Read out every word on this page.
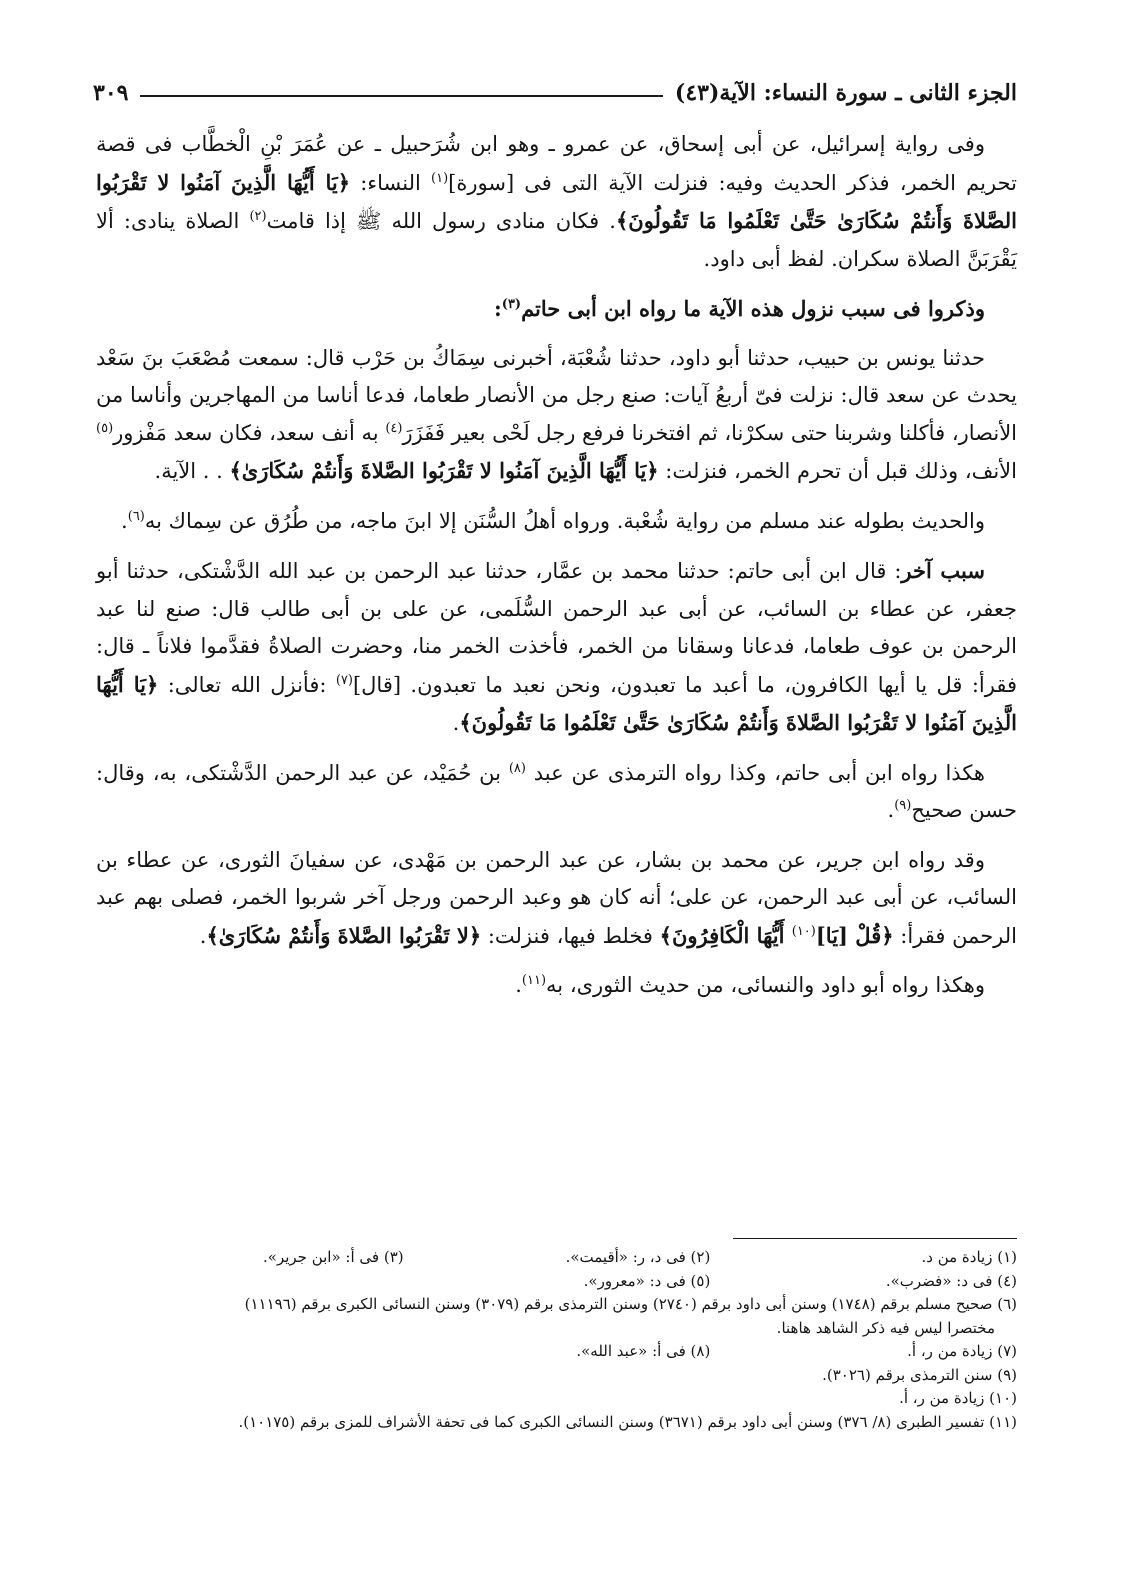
الجزء الثانى ـ سورة النساء: الآية(٤٣)
٣٠٩

وفى رواية إسرائيل، عن أبى إسحاق، عن عمرو ـ وهو ابن شُرَحبيل ـ عن عُمَرَ بْنِ الْخطَّاب فى قصة تحريم الخمر، فذكر الحديث وفيه: فنزلت الآية التى فى [سورة]$^{(١)}$ النساء: ﴿يَا أَيُّهَا الَّذِينَ آمَنُوا لا تَقْرَبُوا الصَّلاةَ وَأَنتُمْ سُكَارَىٰ حَتَّىٰ تَعْلَمُوا مَا تَقُولُونَ﴾. فكان منادى رسول الله ﷺ إذا قامت$^{(٢)}$ الصلاة ينادى: ألا يَقْرَبَنَّ الصلاة سكران. لفظ أبى داود.

وذكروا فى سبب نزول هذه الآية ما رواه ابن أبى حاتم$^{(٣)}$:

حدثنا يونس بن حبيب، حدثنا أبو داود، حدثنا شُعْبَة، أخبرنى سِمَاكُ بن حَرْب قال: سمعت مُصْعَبَ بنَ سَعْد يحدث عن سعد قال: نزلت فىّ أربعُ آيات: صنع رجل من الأنصار طعاما، فدعا أناسا من المهاجرين وأناسا من الأنصار، فأكلنا وشربنا حتى سكرْنا، ثم افتخرنا فرفع رجل لَحْى بعير فَفَزَرَ$^{(٤)}$ به أنف سعد، فكان سعد مَفْزور$^{(٥)}$ الأنف، وذلك قبل أن تحرم الخمر، فنزلت: ﴿يَا أَيُّهَا الَّذِينَ آمَنُوا لا تَقْرَبُوا الصَّلاةَ وَأَنتُمْ سُكَارَىٰ﴾ . . الآية.

والحديث بطوله عند مسلم من رواية شُعْبة. ورواه أهلُ السُّنَن إلا ابنَ ماجه، من طُرُق عن سِماك به$^{(٦)}$.

سبب آخر: قال ابن أبى حاتم: حدثنا محمد بن عمَّار، حدثنا عبد الرحمن بن عبد الله الدَّشْتكى، حدثنا أبو جعفر، عن عطاء بن السائب، عن أبى عبد الرحمن السُّلَمى، عن على بن أبى طالب قال: صنع لنا عبد الرحمن بن عوف طعاما، فدعانا وسقانا من الخمر، فأخذت الخمر منا، وحضرت الصلاةُ فقدَّموا فلاناً ـ قال: فقرأ: قل يا أيها الكافرون، ما أعبد ما تعبدون، ونحن نعبد ما تعبدون. [قال]$^{(٧)}$ :فأنزل الله تعالى: ﴿يَا أَيُّهَا الَّذِينَ آمَنُوا لا تَقْرَبُوا الصَّلاةَ وَأَنتُمْ سُكَارَىٰ حَتَّىٰ تَعْلَمُوا مَا تَقُولُونَ﴾.

هكذا رواه ابن أبى حاتم، وكذا رواه الترمذى عن عبد $^{(٨)}$ بن حُمَيْد، عن عبد الرحمن الدَّشْتكى، به، وقال: حسن صحيح$^{(٩)}$.

وقد رواه ابن جرير، عن محمد بن بشار، عن عبد الرحمن بن مَهْدى، عن سفيانَ الثورى، عن عطاء بن السائب، عن أبى عبد الرحمن، عن على؛ أنه كان هو وعبد الرحمن ورجل آخر شربوا الخمر، فصلى بهم عبد الرحمن فقرأ: ﴿قُلْ [يَا]$^{(١٠)}$ أَيُّهَا الْكَافِرُونَ﴾ فخلط فيها، فنزلت: ﴿لا تَقْرَبُوا الصَّلاةَ وَأَنتُمْ سُكَارَىٰ﴾.

وهكذا رواه أبو داود والنسائى، من حديث الثورى، به$^{(١١)}$.

(١) زيادة من د.
(٢) فى د، ر: «أقيمت».
(٣) فى أ: «ابن جرير».
(٤) فى د: «فضرب».
(٥) فى د: «معرور».
(٦) صحيح مسلم برقم (١٧٤٨) وسنن أبى داود برقم (٢٧٤٠) وسنن الترمذى برقم (٣٠٧٩) وسنن النسائى الكبرى برقم (١١١٩٦)
مختصرا ليس فيه ذكر الشاهد هاهنا.
(٧) زيادة من ر، أ.
(٨) فى أ: «عبد الله».
(٩) سنن الترمذى برقم (٣٠٢٦).
(١٠) زيادة من ر، أ.
(١١) تفسير الطبرى (٨/ ٣٧٦) وسنن أبى داود برقم (٣٦٧١) وسنن النسائى الكبرى كما فى تحفة الأشراف للمزى برقم (١٠١٧٥).
